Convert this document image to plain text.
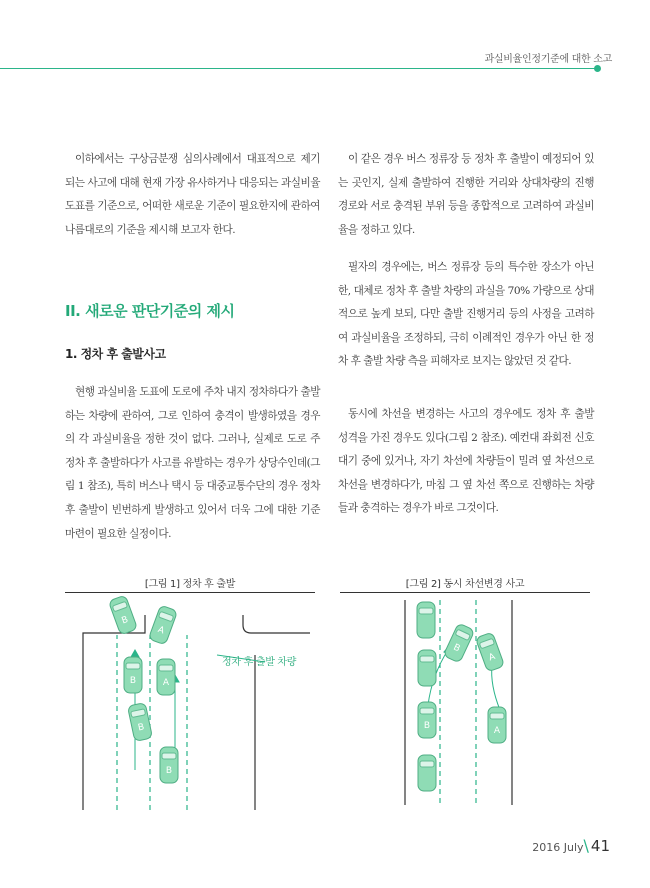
과실비율인정기준에 대한 소고

이하에서는 구상금분쟁 심의사례에서 대표적으로 제기되는 사고에 대해 현재 가장 유사하거나 대응되는 과실비율 도표를 기준으로, 어떠한 새로운 기준이 필요한지에 관하여 나름대로의 기준을 제시해 보고자 한다.

II. 새로운 판단기준의 제시
1. 정차 후 출발사고

현행 과실비율 도표에 도로에 주차 내지 정차하다가 출발하는 차량에 관하여, 그로 인하여 충격이 발생하였을 경우의 각 과실비율을 정한 것이 없다. 그러나, 실제로 도로 주정차 후 출발하다가 사고를 유발하는 경우가 상당수인데(그림 1 참조), 특히 버스나 택시 등 대중교통수단의 경우 정차 후 출발이 빈번하게 발생하고 있어서 더욱 그에 대한 기준 마련이 필요한 실정이다.

이 같은 경우 버스 정류장 등 정차 후 출발이 예정되어 있는 곳인지, 실제 출발하여 진행한 거리와 상대차량의 진행 경로와 서로 충격된 부위 등을 종합적으로 고려하여 과실비율을 정하고 있다.

필자의 경우에는, 버스 정류장 등의 특수한 장소가 아닌 한, 대체로 정차 후 출발 차량의 과실을 70% 가량으로 상대적으로 높게 보되, 다만 출발 진행거리 등의 사정을 고려하여 과실비율을 조정하되, 극히 이례적인 경우가 아닌 한 정차 후 출발 차량 측을 피해자로 보지는 않았던 것 같다.

동시에 차선을 변경하는 사고의 경우에도 정차 후 출발 성격을 가진 경우도 있다(그림 2 참조). 예컨대 좌회전 신호 대기 중에 있거나, 자기 차선에 차량들이 밀려 옆 차선으로 차선을 변경하다가, 마침 그 옆 차선 쪽으로 진행하는 차량들과 충격하는 경우가 바로 그것이다.

[그림 1] 정차 후 출발
B
A
B	A
B
B
정차 후 출발 차량
[그림 2] 동시 차선변경 사고
B
A
B	A
2016 July\ 41
